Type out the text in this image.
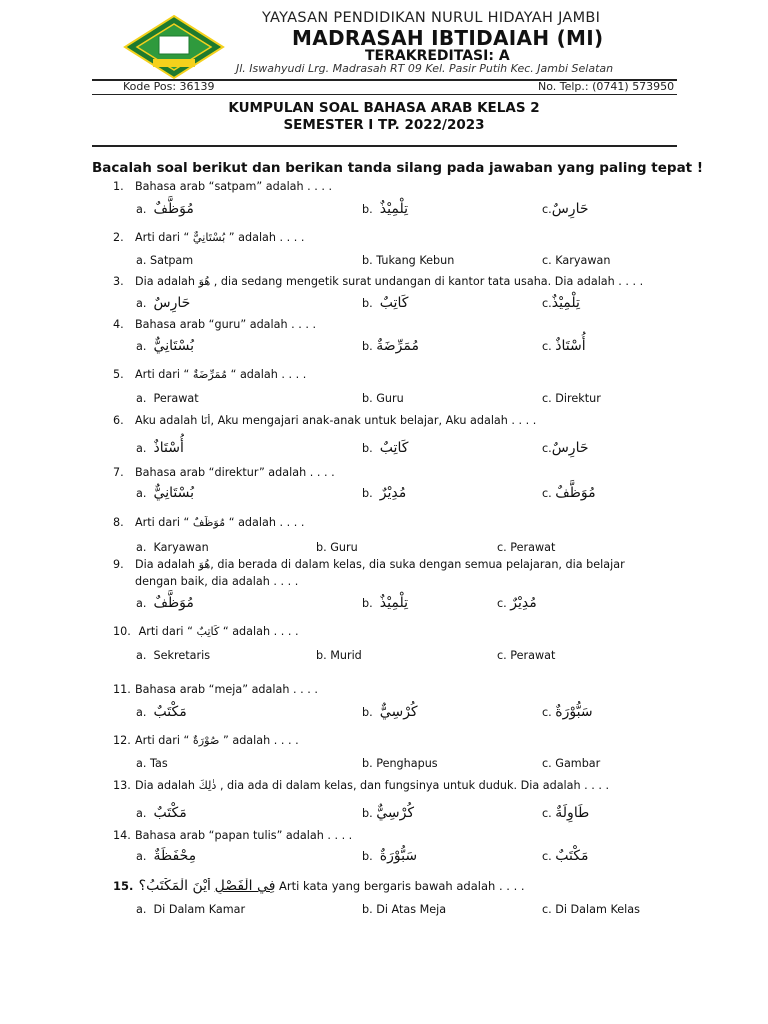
YAYASAN PENDIDIKAN NURUL HIDAYAH JAMBI
MADRASAH IBTIDAIAH (MI)
TERAKREDITASI: A
Jl. Iswahyudi Lrg. Madrasah RT 09 Kel. Pasir Putih Kec. Jambi Selatan
Kode Pos: 36139	No. Telp.: (0741) 573950
KUMPULAN SOAL BAHASA ARAB KELAS 2
SEMESTER I TP. 2022/2023
Bacalah soal berikut dan berikan tanda silang pada jawaban yang paling tepat !
1. Bahasa arab “satpam” adalah . . . .
a. مُوَظَّفٌ	b. تِلْمِيْذٌ	c.حَارِسٌ
2. Arti dari “ بُسْتَانِيٌّ ” adalah . . . .
a. Satpam	b. Tukang Kebun	c. Karyawan
3. Dia adalah هُوَ , dia sedang mengetik surat undangan di kantor tata usaha. Dia adalah . . . .
a. حَارِسٌ	b. كَاتِبٌ	c.تِلْمِيْذٌ
4. Bahasa arab “guru” adalah . . . .
a. بُسْتَانِيٌّ	b. مُمَرِّضَةٌ	c. أُسْتَاذٌ
5. Arti dari “ مُمَرِّضَةٌ “ adalah . . . .
a. Perawat	b. Guru	c. Direktur
6. Aku adalah أَنَا, Aku mengajari anak-anak untuk belajar, Aku adalah . . . .
a. أُسْتَاذٌ	b. كَاتِبٌ	c.حَارِسٌ
7. Bahasa arab “direktur” adalah . . . .
a. بُسْتَانِيٌّ	b. مُدِيْرٌ	c. مُوَظَّفٌ
8. Arti dari “ مُوَظَّفٌ “ adalah . . . .
a. Karyawan	b. Guru	c. Perawat
9. Dia adalah هُوَ, dia berada di dalam kelas, dia suka dengan semua pelajaran, dia belajar
dengan baik, dia adalah . . . .
a. مُوَظَّفٌ	b. تِلْمِيْذٌ	c. مُدِيْرٌ
10. Arti dari “ كَاتِبٌ “ adalah . . . .
a. Sekretaris	b. Murid	c. Perawat
11. Bahasa arab “meja” adalah . . . .
a. مَكْتَبٌ	b. كُرْسِيٌّ	c. سَبُّوْرَةٌ
12. Arti dari “ صُوْرَةٌ ” adalah . . . .
a. Tas	b. Penghapus	c. Gambar
13. Dia adalah ذٰلِكَ , dia ada di dalam kelas, dan fungsinya untuk duduk. Dia adalah . . . .
a. مَكْتَبٌ	b. كُرْسِيٌّ	c. طَاوِلَةٌ
14. Bahasa arab “papan tulis” adalah . . . .
a. مِحْفَظَةٌ	b. سَبُّوْرَةٌ	c. مَكْتَبٌ
15.	فِي الْفَصْلِ أَيْنَ الْمَكْتَبُ؟	Arti kata yang bergaris bawah adalah . . . .
a. Di Dalam Kamar	b. Di Atas Meja	c. Di Dalam Kelas
